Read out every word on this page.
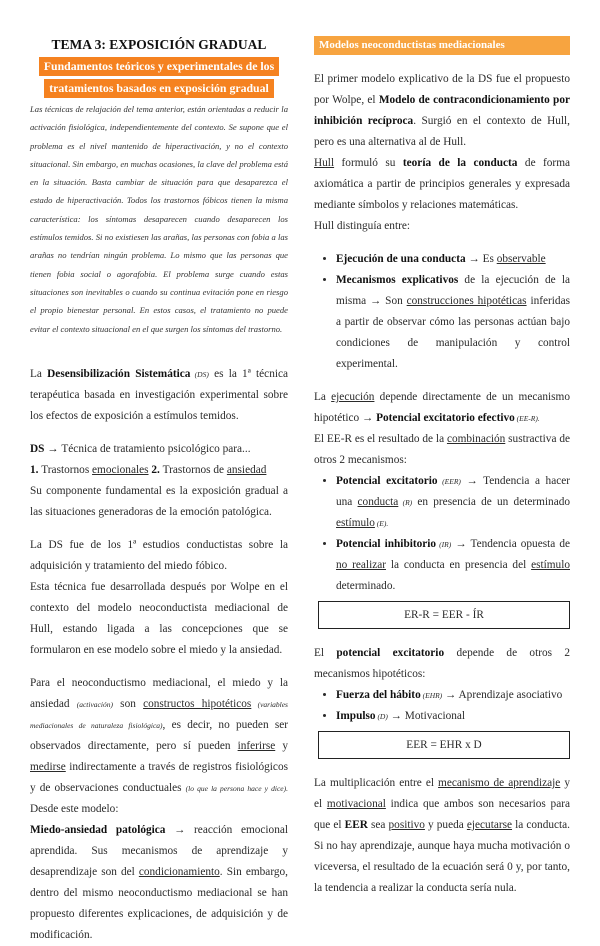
TEMA 3: EXPOSICIÓN GRADUAL
Fundamentos teóricos y experimentales de los
tratamientos basados en exposición gradual
Las técnicas de relajación del tema anterior, están orientadas a reducir la activación fisiológica, independientemente del contexto. Se supone que el problema es el nivel mantenido de hiperactivación, y no el contexto situacional. Sin embargo, en muchas ocasiones, la clave del problema está en la situación. Basta cambiar de situación para que desaparezca el estado de hiperactivación. Todos los trastornos fóbicos tienen la misma característica: los síntomas desaparecen cuando desaparecen los estímulos temidos. Si no existiesen las arañas, las personas con fobia a las arañas no tendrían ningún problema. Lo mismo que las personas que tienen fobia social o agorafobia. El problema surge cuando estas situaciones son inevitables o cuando su continua evitación pone en riesgo el propio bienestar personal. En estos casos, el tratamiento no puede evitar el contexto situacional en el que surgen los síntomas del trastorno.
La Desensibilización Sistemática (DS) es la 1ª técnica terapéutica basada en investigación experimental sobre los efectos de exposición a estímulos temidos.
DS → Técnica de tratamiento psicológico para...
1. Trastornos emocionales 2. Trastornos de ansiedad
Su componente fundamental es la exposición gradual a las situaciones generadoras de la emoción patológica.
La DS fue de los 1ª estudios conductistas sobre la adquisición y tratamiento del miedo fóbico.
Esta técnica fue desarrollada después por Wolpe en el contexto del modelo neoconductista mediacional de Hull, estando ligada a las concepciones que se formularon en ese modelo sobre el miedo y la ansiedad.
Para el neoconductismo mediacional, el miedo y la ansiedad (activación) son constructos hipotéticos (variables mediacionales de naturaleza fisiológica), es decir, no pueden ser observados directamente, pero sí pueden inferirse y medirse indirectamente a través de registros fisiológicos y de observaciones conductuales (lo que la persona hace y dice). Desde este modelo:
Miedo-ansiedad patológica → reacción emocional aprendida. Sus mecanismos de aprendizaje y desaprendizaje son del condicionamiento. Sin embargo, dentro del mismo neoconductismo mediacional se han propuesto diferentes explicaciones, de adquisición y de modificación.
Modelos neoconductistas mediacionales
El primer modelo explicativo de la DS fue el propuesto por Wolpe, el Modelo de contracondicionamiento por inhibición recíproca. Surgió en el contexto de Hull, pero es una alternativa al de Hull.
Hull formuló su teoría de la conducta de forma axiomática a partir de principios generales y expresada mediante símbolos y relaciones matemáticas.
Hull distinguía entre:
• Ejecución de una conducta → Es observable
• Mecanismos explicativos de la ejecución de la misma → Son construcciones hipotéticas inferidas a partir de observar cómo las personas actúan bajo condiciones de manipulación y control experimental.
La ejecución depende directamente de un mecanismo hipotético → Potencial excitatorio efectivo (EE-R).
El EE-R es el resultado de la combinación sustractiva de otros 2 mecanismos:
• Potencial excitatorio (EER) → Tendencia a hacer una conducta (R) en presencia de un determinado estímulo (E).
• Potencial inhibitorio (IR) → Tendencia opuesta de no realizar la conducta en presencia del estímulo determinado.
ER-R = EER - ÍR
El potencial excitatorio depende de otros 2 mecanismos hipotéticos:
• Fuerza del hábito (EHR) → Aprendizaje asociativo
• Impulso (D) → Motivacional
EER = EHR x D
La multiplicación entre el mecanismo de aprendizaje y el motivacional indica que ambos son necesarios para que el EER sea positivo y pueda ejecutarse la conducta. Si no hay aprendizaje, aunque haya mucha motivación o viceversa, el resultado de la ecuación será 0 y, por tanto, la tendencia a realizar la conducta sería nula.
